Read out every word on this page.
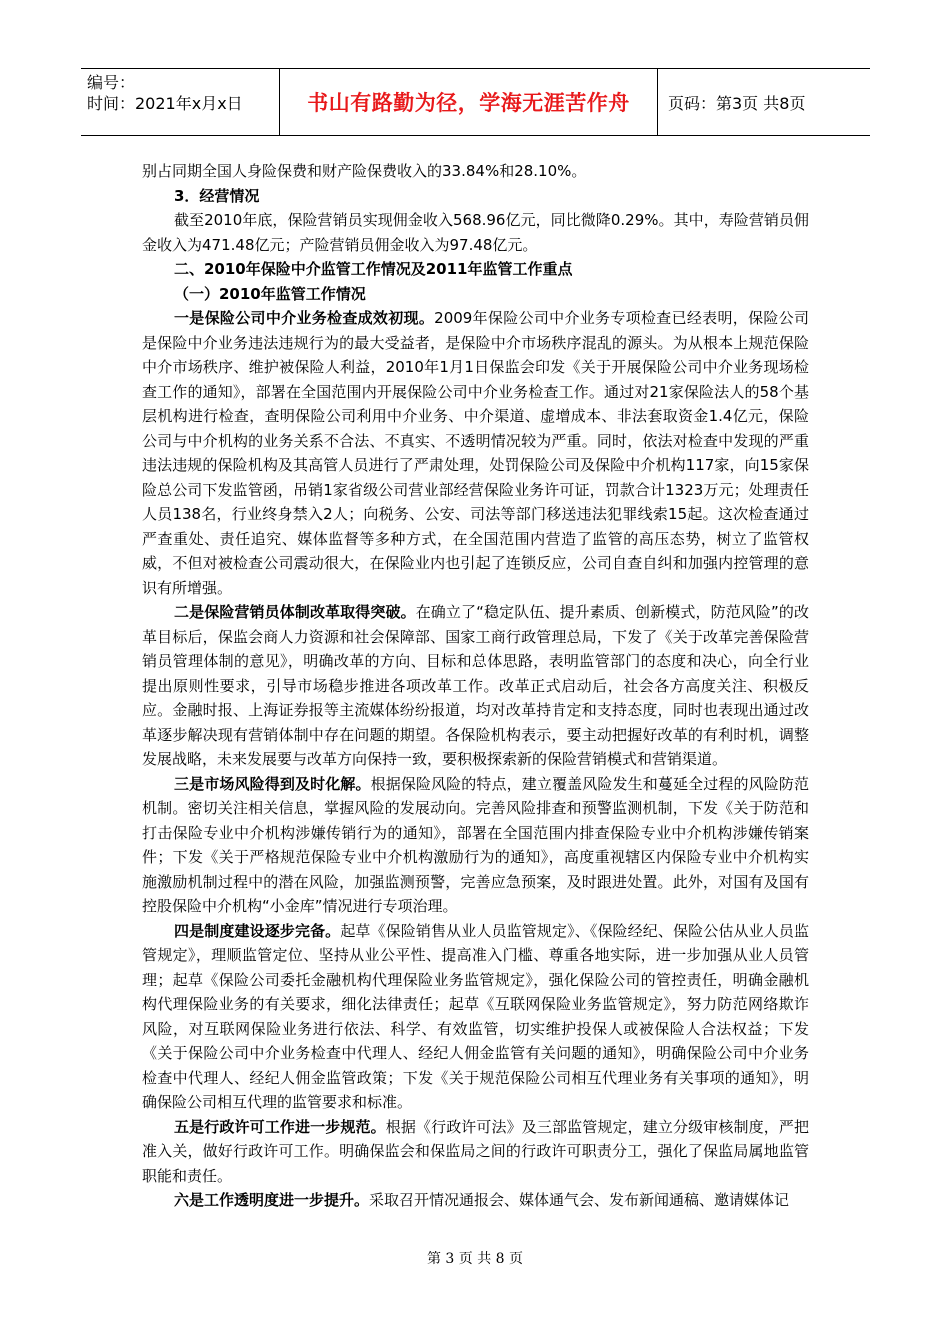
编号：
时间：2021年x月x日	书山有路勤为径，学海无涯苦作舟	页码：第3页 共8页

别占同期全国人身险保费和财产险保费收入的33.84%和28.10%。

3．经营情况

截至2010年底，保险营销员实现佣金收入568.96亿元，同比微降0.29%。其中，寿险营销员佣金收入为471.48亿元；产险营销员佣金收入为97.48亿元。

二、2010年保险中介监管工作情况及2011年监管工作重点

（一）2010年监管工作情况

一是保险公司中介业务检查成效初现。2009年保险公司中介业务专项检查已经表明，保险公司是保险中介业务违法违规行为的最大受益者，是保险中介市场秩序混乱的源头。为从根本上规范保险中介市场秩序、维护被保险人利益，2010年1月1日保监会印发《关于开展保险公司中介业务现场检查工作的通知》，部署在全国范围内开展保险公司中介业务检查工作。通过对21家保险法人的58个基层机构进行检查，查明保险公司利用中介业务、中介渠道、虚增成本、非法套取资金1.4亿元，保险公司与中介机构的业务关系不合法、不真实、不透明情况较为严重。同时，依法对检查中发现的严重违法违规的保险机构及其高管人员进行了严肃处理，处罚保险公司及保险中介机构117家，向15家保险总公司下发监管函，吊销1家省级公司营业部经营保险业务许可证，罚款合计1323万元；处理责任人员138名，行业终身禁入2人；向税务、公安、司法等部门移送违法犯罪线索15起。这次检查通过严查重处、责任追究、媒体监督等多种方式，在全国范围内营造了监管的高压态势，树立了监管权威，不但对被检查公司震动很大，在保险业内也引起了连锁反应，公司自查自纠和加强内控管理的意识有所增强。

二是保险营销员体制改革取得突破。在确立了“稳定队伍、提升素质、创新模式，防范风险”的改革目标后，保监会商人力资源和社会保障部、国家工商行政管理总局，下发了《关于改革完善保险营销员管理体制的意见》，明确改革的方向、目标和总体思路，表明监管部门的态度和决心，向全行业提出原则性要求，引导市场稳步推进各项改革工作。改革正式启动后，社会各方高度关注、积极反应。金融时报、上海证券报等主流媒体纷纷报道，均对改革持肯定和支持态度，同时也表现出通过改革逐步解决现有营销体制中存在问题的期望。各保险机构表示，要主动把握好改革的有利时机，调整发展战略，未来发展要与改革方向保持一致，要积极探索新的保险营销模式和营销渠道。

三是市场风险得到及时化解。根据保险风险的特点，建立覆盖风险发生和蔓延全过程的风险防范机制。密切关注相关信息，掌握风险的发展动向。完善风险排查和预警监测机制，下发《关于防范和打击保险专业中介机构涉嫌传销行为的通知》，部署在全国范围内排查保险专业中介机构涉嫌传销案件；下发《关于严格规范保险专业中介机构激励行为的通知》，高度重视辖区内保险专业中介机构实施激励机制过程中的潜在风险，加强监测预警，完善应急预案，及时跟进处置。此外，对国有及国有控股保险中介机构“小金库”情况进行专项治理。

四是制度建设逐步完备。起草《保险销售从业人员监管规定》、《保险经纪、保险公估从业人员监管规定》，理顺监管定位、坚持从业公平性、提高准入门槛、尊重各地实际，进一步加强从业人员管理；起草《保险公司委托金融机构代理保险业务监管规定》，强化保险公司的管控责任，明确金融机构代理保险业务的有关要求，细化法律责任；起草《互联网保险业务监管规定》，努力防范网络欺诈风险，对互联网保险业务进行依法、科学、有效监管，切实维护投保人或被保险人合法权益；下发《关于保险公司中介业务检查中代理人、经纪人佣金监管有关问题的通知》，明确保险公司中介业务检查中代理人、经纪人佣金监管政策；下发《关于规范保险公司相互代理业务有关事项的通知》，明确保险公司相互代理的监管要求和标准。

五是行政许可工作进一步规范。根据《行政许可法》及三部监管规定，建立分级审核制度，严把准入关，做好行政许可工作。明确保监会和保监局之间的行政许可职责分工，强化了保监局属地监管职能和责任。

六是工作透明度进一步提升。采取召开情况通报会、媒体通气会、发布新闻通稿、邀请媒体记

第 3 页 共 8 页
